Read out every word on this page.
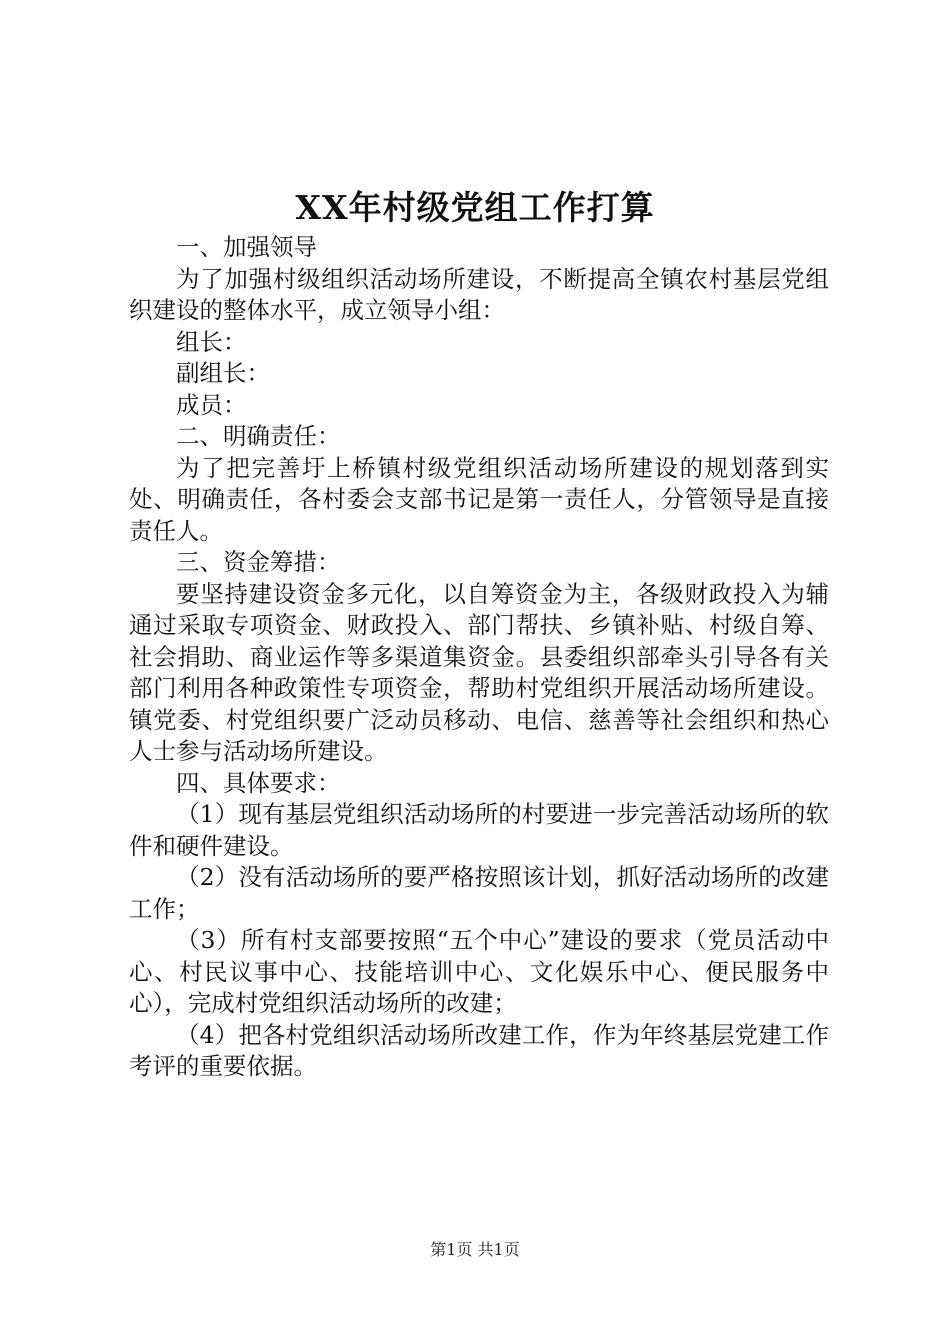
XX年村级党组工作打算

一、加强领导

为了加强村级组织活动场所建设，不断提高全镇农村基层党组织建设的整体水平，成立领导小组：

组长：

副组长：

成员：

二、明确责任：

为了把完善圩上桥镇村级党组织活动场所建设的规划落到实处、明确责任，各村委会支部书记是第一责任人，分管领导是直接责任人。

三、资金筹措：

要坚持建设资金多元化，以自筹资金为主，各级财政投入为辅通过采取专项资金、财政投入、部门帮扶、乡镇补贴、村级自筹、社会捐助、商业运作等多渠道集资金。县委组织部牵头引导各有关部门利用各种政策性专项资金，帮助村党组织开展活动场所建设。镇党委、村党组织要广泛动员移动、电信、慈善等社会组织和热心人士参与活动场所建设。

四、具体要求：

（1）现有基层党组织活动场所的村要进一步完善活动场所的软件和硬件建设。

（2）没有活动场所的要严格按照该计划，抓好活动场所的改建工作；

（3）所有村支部要按照“五个中心”建设的要求（党员活动中心、村民议事中心、技能培训中心、文化娱乐中心、便民服务中心），完成村党组织活动场所的改建；

（4）把各村党组织活动场所改建工作，作为年终基层党建工作考评的重要依据。

第1页 共1页
